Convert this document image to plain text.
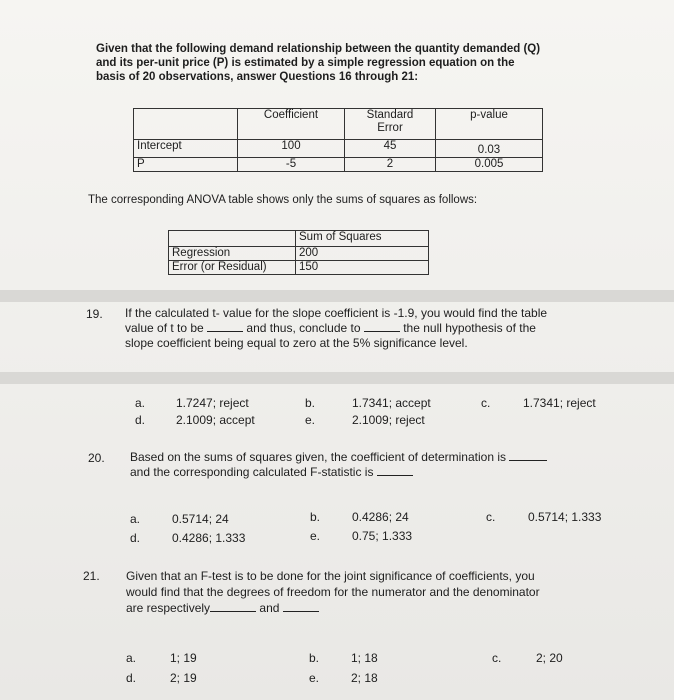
Given that the following demand relationship between the quantity demanded (Q)
and its per-unit price (P) is estimated by a simple regression equation on the
basis of 20 observations, answer Questions 16 through 21:
	Coefficient	Standard Error	p-value
Intercept	100	45	0.03
P	-5	2	0.005
The corresponding ANOVA table shows only the sums of squares as follows:
	Sum of Squares
Regression	200
Error (or Residual)	150
19. If the calculated t- value for the slope coefficient is -1.9, you would find the table
value of t to be	and thus, conclude to	the null hypothesis of the
slope coefficient being equal to zero at the 5% significance level.
a.	1.7247; reject	b.	1.7341; accept	c.	1.7341; reject
d.	2.1009; accept	e.	2.1009; reject
20. Based on the sums of squares given, the coefficient of determination is
and the corresponding calculated F-statistic is
a.	0.5714; 24	b.	0.4286; 24	c.	0.5714; 1.333
d.	0.4286; 1.333	e.	0.75; 1.333
21. Given that an F-test is to be done for the joint significance of coefficients, you
would find that the degrees of freedom for the numerator and the denominator
are respectively	and
a.	1; 19	b.	1; 18	c.	2; 20
d.	2; 19	e.	2; 18
